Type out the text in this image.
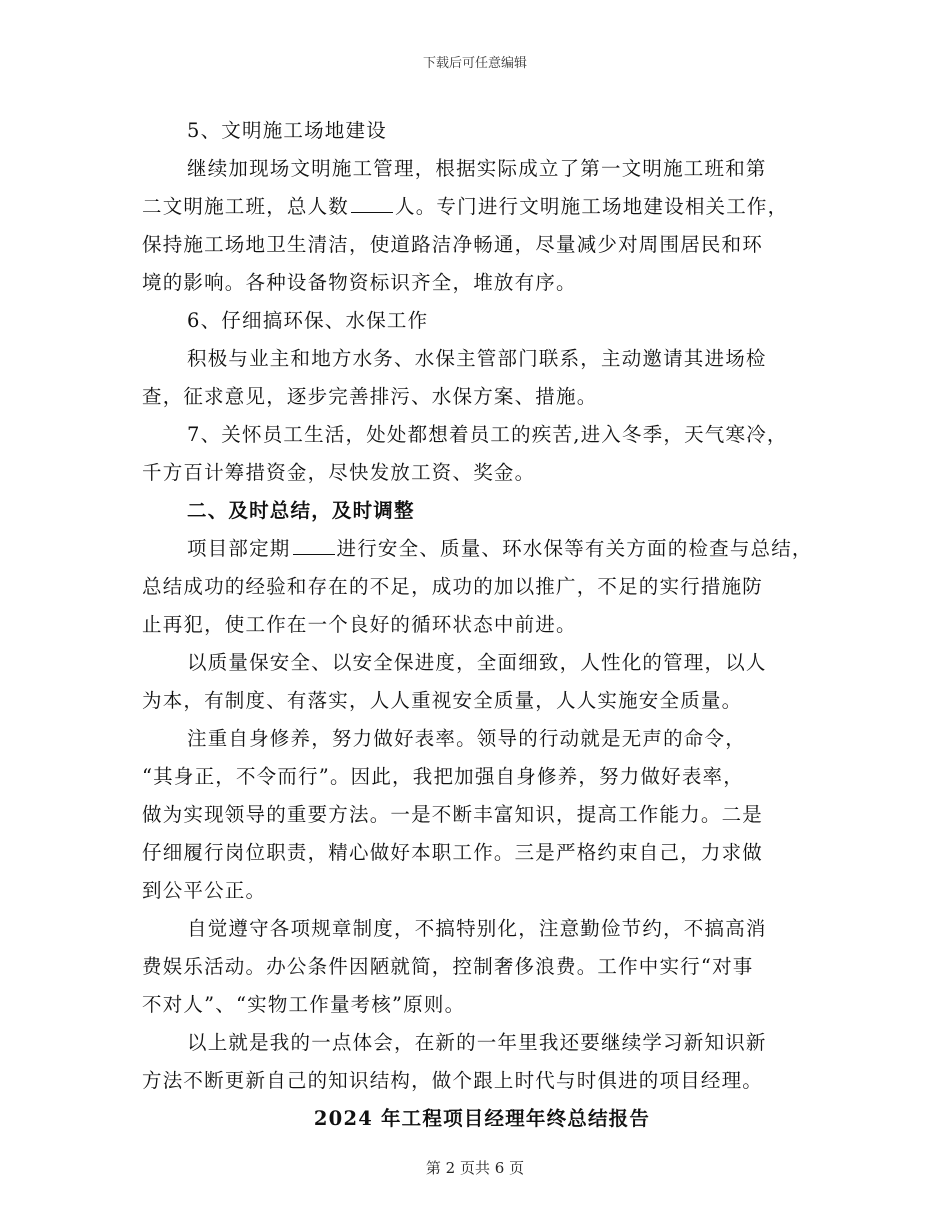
下载后可任意编辑
5、文明施工场地建设
继续加现场文明施工管理，根据实际成立了第一文明施工班和第
二文明施工班，总人数 人。专门进行文明施工场地建设相关工作，
保持施工场地卫生清洁，使道路洁净畅通，尽量减少对周围居民和环
境的影响。各种设备物资标识齐全，堆放有序。
6、仔细搞环保、水保工作
积极与业主和地方水务、水保主管部门联系，主动邀请其进场检
查，征求意见，逐步完善排污、水保方案、措施。
7、关怀员工生活，处处都想着员工的疾苦,进入冬季，天气寒冷，
千方百计筹措资金，尽快发放工资、奖金。
二、及时总结，及时调整
项目部定期 进行安全、质量、环水保等有关方面的检查与总结，
总结成功的经验和存在的不足，成功的加以推广，不足的实行措施防
止再犯，使工作在一个良好的循环状态中前进。
以质量保安全、以安全保进度，全面细致，人性化的管理，以人
为本，有制度、有落实，人人重视安全质量，人人实施安全质量。
注重自身修养，努力做好表率。领导的行动就是无声的命令，
“其身正，不令而行”。因此，我把加强自身修养，努力做好表率，
做为实现领导的重要方法。一是不断丰富知识，提高工作能力。二是
仔细履行岗位职责，精心做好本职工作。三是严格约束自己，力求做
到公平公正。
自觉遵守各项规章制度，不搞特别化，注意勤俭节约，不搞高消
费娱乐活动。办公条件因陋就简，控制奢侈浪费。工作中实行“对事
不对人”、“实物工作量考核”原则。
以上就是我的一点体会，在新的一年里我还要继续学习新知识新
方法不断更新自己的知识结构，做个跟上时代与时俱进的项目经理。
2024 年工程项目经理年终总结报告
第 2 页共 6 页
